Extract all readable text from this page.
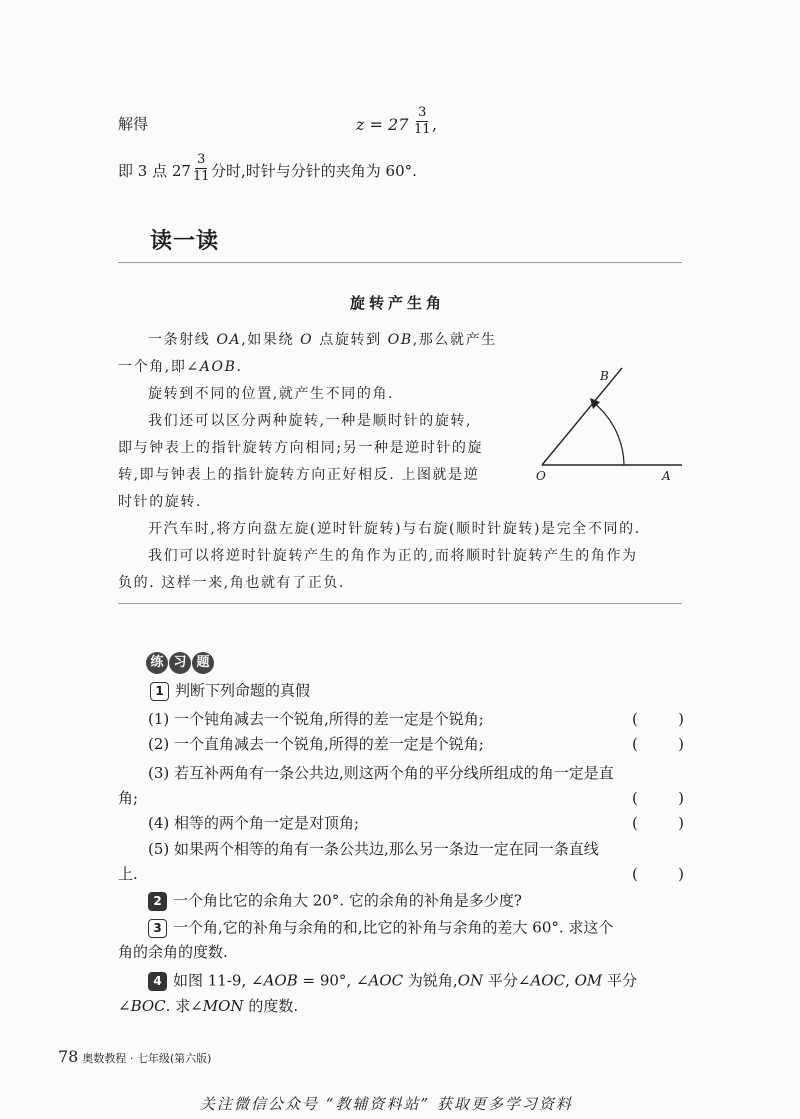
解得	z = 27
3
11 ,
即 3 点 27
3
11 分时,时针与分针的夹角为 60°.
读一读
旋转产生角
一条射线 OA,如果绕 O 点旋转到 OB,那么就产生
一个角,即∠AOB.
旋转到不同的位置,就产生不同的角.
我们还可以区分两种旋转,一种是顺时针的旋转,
即与钟表上的指针旋转方向相同;另一种是逆时针的旋
转,即与钟表上的指针旋转方向正好相反. 上图就是逆
时针的旋转.
开汽车时,将方向盘左旋(逆时针旋转)与右旋(顺时针旋转)是完全不同的.
我们可以将逆时针旋转产生的角作为正的,而将顺时针旋转产生的角作为
负的. 这样一来,角也就有了正负.
O	A
B
练 习 题
1 判断下列命题的真假
(1) 一个钝角减去一个锐角,所得的差一定是个锐角;	(	)
(2) 一个直角减去一个锐角,所得的差一定是个锐角;	(	)
(3) 若互补两角有一条公共边,则这两个角的平分线所组成的角一定是直
角;	(	)
(4) 相等的两个角一定是对顶角;	(	)
(5) 如果两个相等的角有一条公共边,那么另一条边一定在同一条直线
上.	(	)
2 一个角比它的余角大 20°. 它的余角的补角是多少度?
3 一个角,它的补角与余角的和,比它的补角与余角的差大 60°. 求这个
角的余角的度数.
4 如图 11-9, ∠AOB = 90°, ∠AOC 为锐角,ON 平分∠AOC, OM 平分
∠BOC. 求∠MON 的度数.
78 奥数教程 · 七年级(第六版)
关注微信公众号 “教辅资料站” 获取更多学习资料
